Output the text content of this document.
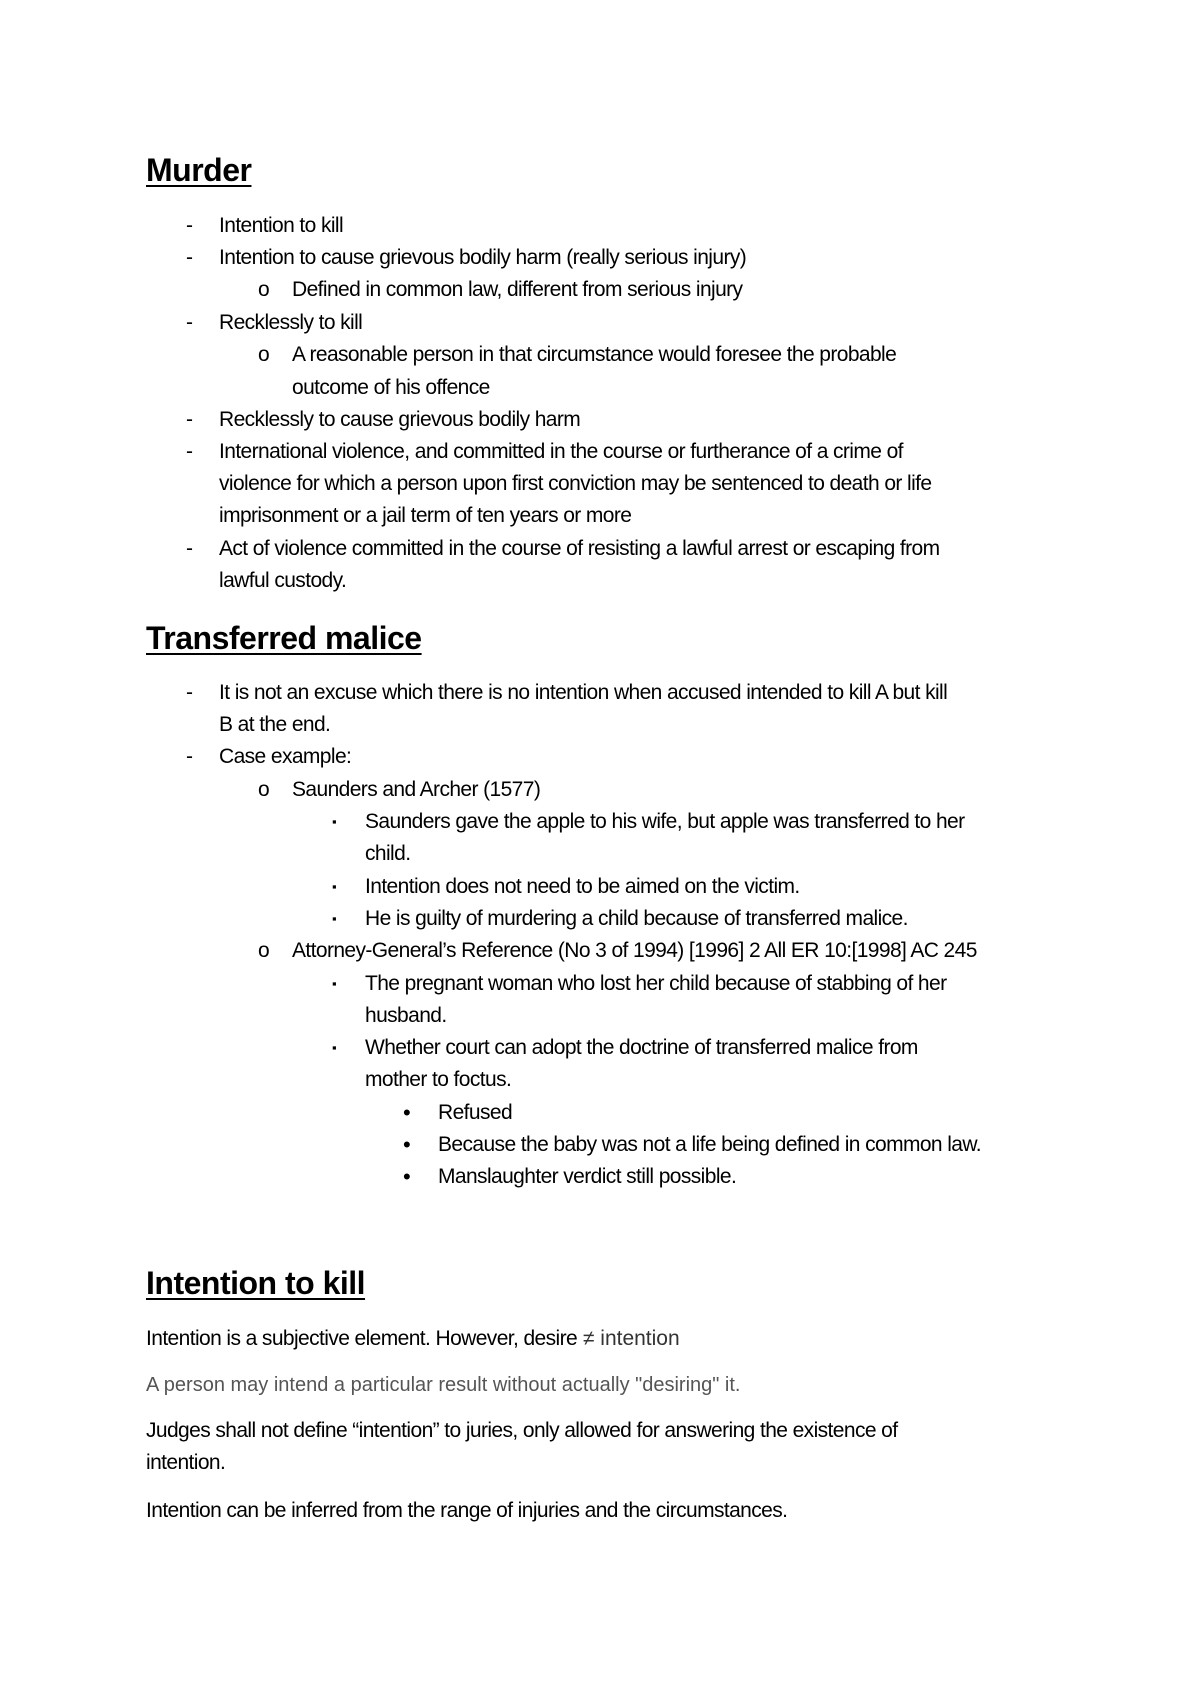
Murder
- Intention to kill
- Intention to cause grievous bodily harm (really serious injury)
o Defined in common law, different from serious injury
- Recklessly to kill
o A reasonable person in that circumstance would foresee the probable
outcome of his offence
- Recklessly to cause grievous bodily harm
- International violence, and committed in the course or furtherance of a crime of
violence for which a person upon first conviction may be sentenced to death or life
imprisonment or a jail term of ten years or more
- Act of violence committed in the course of resisting a lawful arrest or escaping from
lawful custody.
Transferred malice
- It is not an excuse which there is no intention when accused intended to kill A but kill
B at the end.
- Case example:
o Saunders and Archer (1577)
▪ Saunders gave the apple to his wife, but apple was transferred to her
child.
▪ Intention does not need to be aimed on the victim.
▪ He is guilty of murdering a child because of transferred malice.
o Attorney-General’s Reference (No 3 of 1994) [1996] 2 All ER 10:[1998] AC 245
▪ The pregnant woman who lost her child because of stabbing of her
husband.
▪ Whether court can adopt the doctrine of transferred malice from
mother to foctus.
• Refused
• Because the baby was not a life being defined in common law.
• Manslaughter verdict still possible.
Intention to kill
Intention is a subjective element. However, desire ≠ intention
A person may intend a particular result without actually "desiring" it.
Judges shall not define “intention” to juries, only allowed for answering the existence of
intention.
Intention can be inferred from the range of injuries and the circumstances.
